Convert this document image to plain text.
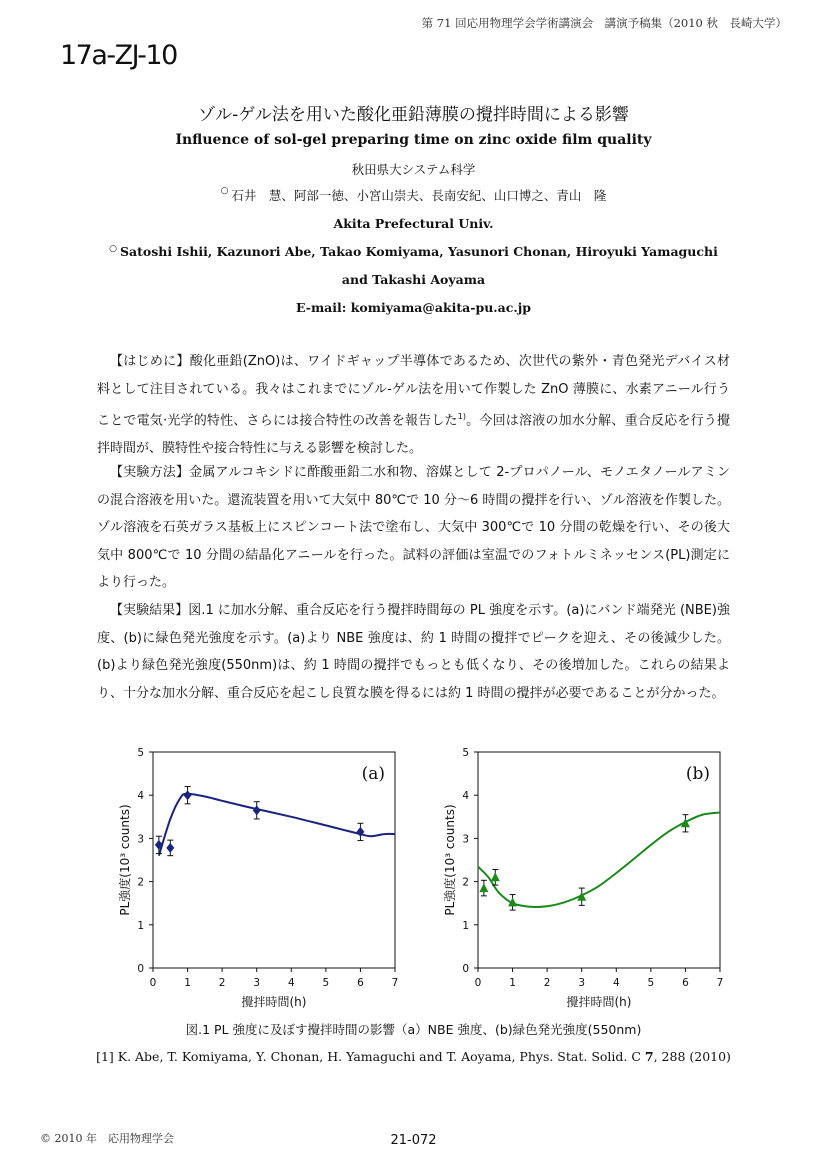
第 71 回応用物理学会学術講演会　講演予稿集（2010 秋　長崎大学）
17a-ZJ-10
ゾル-ゲル法を用いた酸化亜鉛薄膜の攪拌時間による影響
Influence of sol-gel preparing time on zinc oxide film quality
秋田県大システム科学
○ 石井　慧、阿部一徳、小宮山崇夫、長南安紀、山口博之、青山　隆
Akita Prefectural Univ.
○ Satoshi Ishii, Kazunori Abe, Takao Komiyama, Yasunori Chonan, Hiroyuki Yamaguchi
and Takashi Aoyama
E-mail: komiyama@akita-pu.ac.jp
【はじめに】酸化亜鉛(ZnO)は、ワイドギャップ半導体であるため、次世代の紫外・青色発光デバイス材料として注目されている。我々はこれまでにゾル-ゲル法を用いて作製した ZnO 薄膜に、水素アニール行うことで電気·光学的特性、さらには接合特性の改善を報告した$^{1)}$。今回は溶液の加水分解、重合反応を行う攪拌時間が、膜特性や接合特性に与える影響を検討した。
【実験方法】金属アルコキシドに酢酸亜鉛二水和物、溶媒として 2-プロパノール、モノエタノールアミンの混合溶液を用いた。還流装置を用いて大気中 80℃で 10 分〜6 時間の攪拌を行い、ゾル溶液を作製した。ゾル溶液を石英ガラス基板上にスピンコート法で塗布し、大気中 300℃で 10 分間の乾燥を行い、その後大気中 800℃で 10 分間の結晶化アニールを行った。試料の評価は室温でのフォトルミネッセンス(PL)測定により行った。
【実験結果】図.1 に加水分解、重合反応を行う攪拌時間毎の PL 強度を示す。(a)にバンド端発光 (NBE)強度、(b)に緑色発光強度を示す。(a)より NBE 強度は、約 1 時間の攪拌でピークを迎え、その後減少した。(b)より緑色発光強度(550nm)は、約 1 時間の攪拌でもっとも低くなり、その後増加した。これらの結果より、十分な加水分解、重合反応を起こし良質な膜を得るには約 1 時間の攪拌が必要であることが分かった。
0	1	2	3	4	5	6	7
0
1
2
3
4
5
攪拌時間(h)
PL強度(10³ counts)
(a)
0	1	2	3	4	5	6	7
0
1
2
3
4
5
攪拌時間(h)
PL強度(10³ counts)
(b)
図.1 PL 強度に及ぼす攪拌時間の影響（a）NBE 強度、(b)緑色発光強度(550nm)
[1] K. Abe, T. Komiyama, Y. Chonan, H. Yamaguchi and T. Aoyama, Phys. Stat. Solid. C 7, 288 (2010)
© 2010 年　応用物理学会	21-072
